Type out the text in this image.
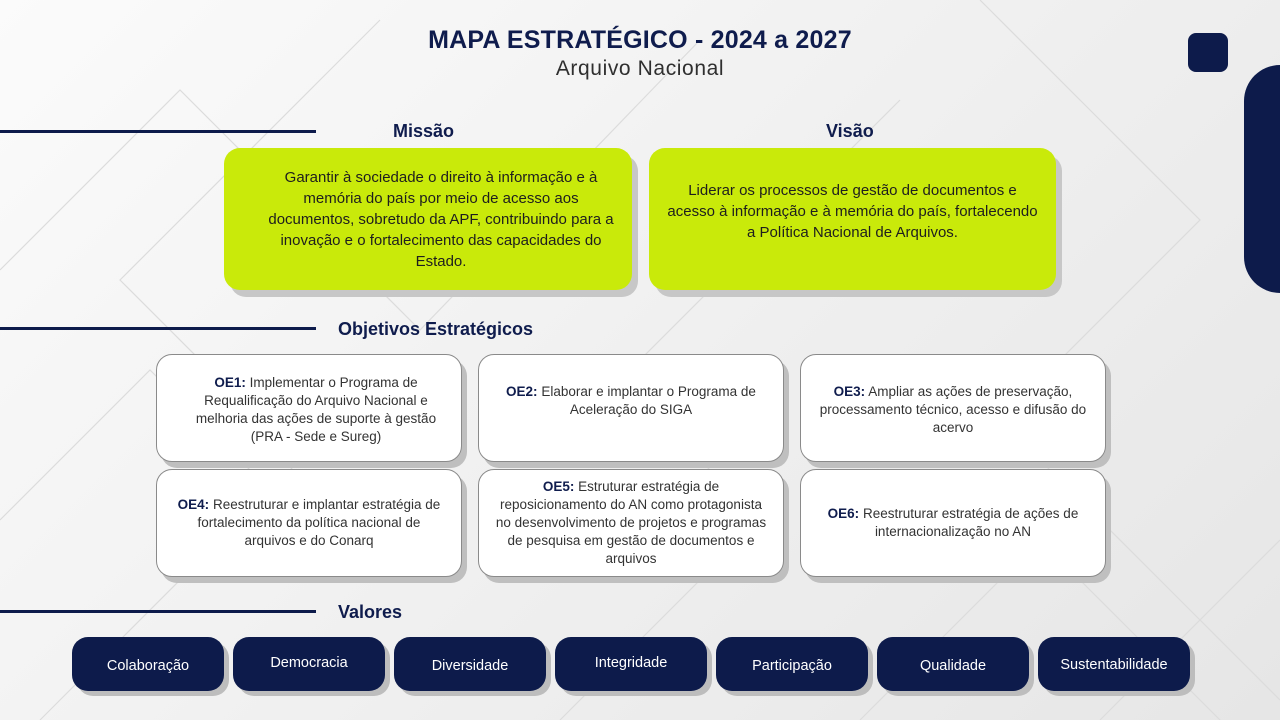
MAPA ESTRATÉGICO - 2024 a 2027
Arquivo Nacional
Missão	Visão
Garantir à sociedade o direito à informação e à memória do país por meio de acesso aos documentos, sobretudo da APF, contribuindo para a inovação e o fortalecimento das capacidades do Estado.
Liderar os processos de gestão de documentos e acesso à informação e à memória do país, fortalecendo a Política Nacional de Arquivos.
Objetivos Estratégicos
OE1: Implementar o Programa de Requalificação do Arquivo Nacional e melhoria das ações de suporte à gestão (PRA - Sede e Sureg)
OE2: Elaborar e implantar o Programa de Aceleração do SIGA
OE3: Ampliar as ações de preservação, processamento técnico, acesso e difusão do acervo
OE4: Reestruturar e implantar estratégia de fortalecimento da política nacional de arquivos e do Conarq
OE5: Estruturar estratégia de reposicionamento do AN como protagonista no desenvolvimento de projetos e programas de pesquisa em gestão de documentos e arquivos
OE6: Reestruturar estratégia de ações de internacionalização no AN
Valores
Colaboração	Democracia	Diversidade	Integridade	Participação	Qualidade	Sustentabilidade
